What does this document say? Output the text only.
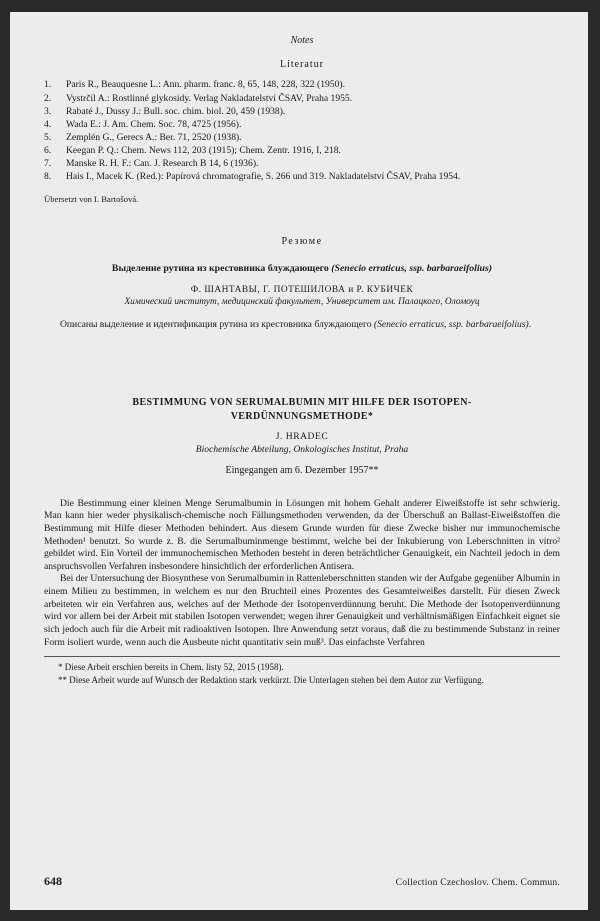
Notes
Literatur
1.	Paris R., Beauquesne L.: Ann. pharm. franc. 8, 65, 148, 228, 322 (1950).
2.	Vystrčil A.: Rostlinné glykosidy. Verlag Nakladatelství ČSAV, Praha 1955.
3.	Rabaté J., Dussy J.: Bull. soc. chim. biol. 20, 459 (1938).
4.	Wada E.: J. Am. Chem. Soc. 78, 4725 (1956).
5.	Zemplén G., Gerecs A.: Ber. 71, 2520 (1938).
6.	Keegan P. Q.: Chem. News 112, 203 (1915); Chem. Zentr. 1916, I, 218.
7.	Manske R. H. F.: Can. J. Research B 14, 6 (1936).
8.	Hais I., Macek K. (Red.): Papírová chromatografie, S. 266 und 319. Nakladatelství ČSAV, Praha 1954.
Übersetzt von I. Bartošová.
Резюме
Выделение рутина из крестовника блуждающего (Senecio erraticus, ssp. barbaraeifolius)
Ф. ШАНТАВЫ, Г. ПОТЕШИЛОВА и Р. КУБИЧЕК
Химический институт, медицинский факультет, Университет им. Палацкого, Оломоуц

Описаны выделение и идентификация рутина из крестовника блуждающего (Senecio erraticus, ssp. barbaraeifolius).

BESTIMMUNG VON SERUMALBUMIN MIT HILFE DER ISOTOPEN-
VERDÜNNUNGSMETHODE*
J. HRADEC
Biochemische Abteilung, Onkologisches Institut, Praha
Eingegangen am 6. Dezember 1957**

Die Bestimmung einer kleinen Menge Serumalbumin in Lösungen mit hohem Gehalt anderer Eiweißstoffe ist sehr schwierig. Man kann hier weder physikalisch-chemische noch Fällungsmethoden verwenden, da der Überschuß an Ballast-Eiweißstoffen die Bestimmung mit Hilfe dieser Methoden behindert. Aus diesem Grunde wurden für diese Zwecke bisher nur immunochemische Methoden¹ benutzt. So wurde z. B. die Serumalbuminmenge bestimmt, welche bei der Inkubierung von Leberschnitten in vitro² gebildet wird. Ein Vorteil der immunochemischen Methoden besteht in deren beträchtlicher Genauigkeit, ein Nachteil jedoch in dem anspruchsvollen Verfahren insbesondere hinsichtlich der erforderlichen Antisera.

Bei der Untersuchung der Biosynthese von Serumalbumin in Rattenleberschnitten standen wir der Aufgabe gegenüber Albumin in einem Milieu zu bestimmen, in welchem es nur den Bruchteil eines Prozentes des Gesamteiweißes darstellt. Für diesen Zweck arbeiteten wir ein Verfahren aus, welches auf der Methode der Isotopenverdünnung beruht. Die Methode der Isotopenverdünnung wird vor allem bei der Arbeit mit stabilen Isotopen verwendet; wegen ihrer Genauigkeit und verhältnismäßigen Einfachkeit eignet sie sich jedoch auch für die Arbeit mit radioaktiven Isotopen. Ihre Anwendung setzt voraus, daß die zu bestimmende Substanz in reiner Form isoliert wurde, wenn auch die Ausbeute nicht quantitativ sein muß³. Das einfachste Verfahren

* Diese Arbeit erschien bereits in Chem. listy 52, 2015 (1958).

** Diese Arbeit wurde auf Wunsch der Redaktion stark verkürzt. Die Unterlagen stehen bei dem Autor zur Verfügung.

648	Collection Czechoslov. Chem. Commun.
